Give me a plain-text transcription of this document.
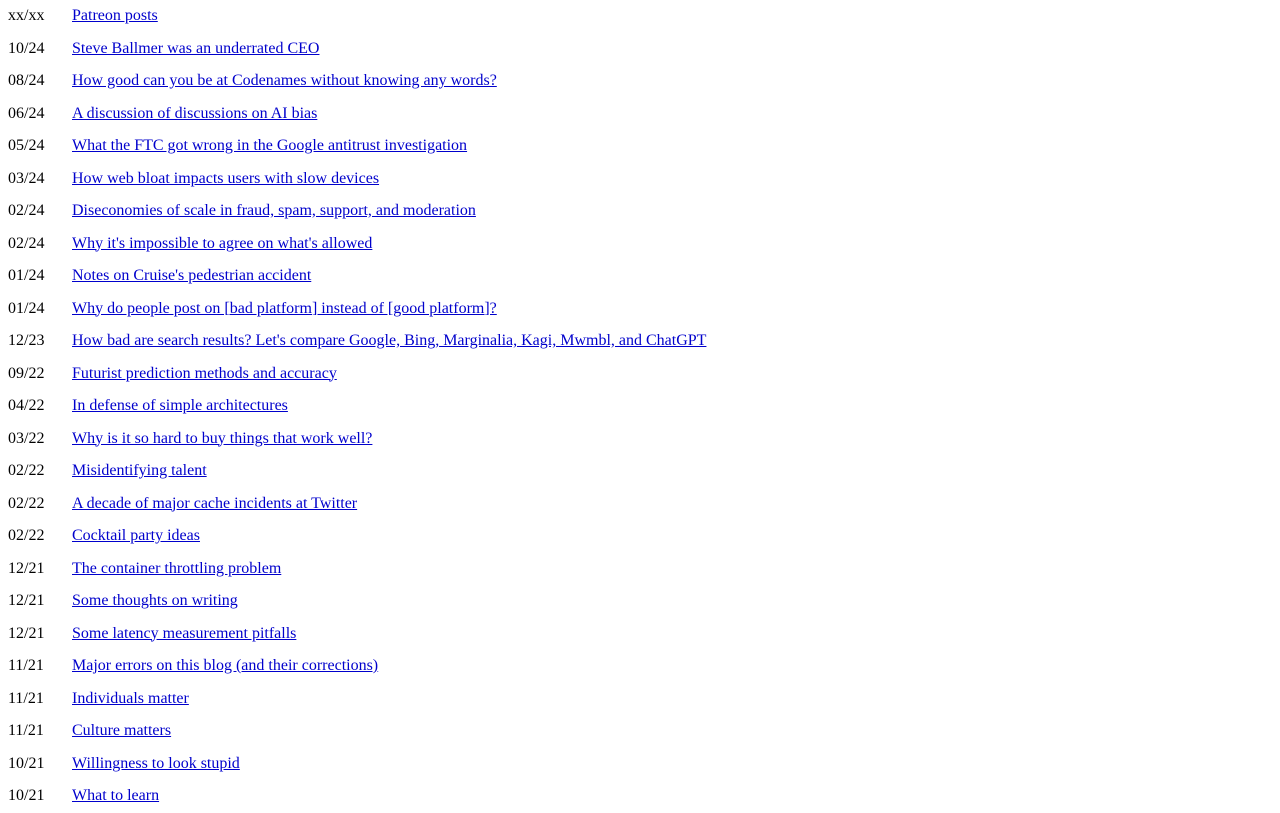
xx/xx	Patreon posts
10/24	Steve Ballmer was an underrated CEO
08/24	How good can you be at Codenames without knowing any words?
06/24	A discussion of discussions on AI bias
05/24	What the FTC got wrong in the Google antitrust investigation
03/24	How web bloat impacts users with slow devices
02/24	Diseconomies of scale in fraud, spam, support, and moderation
02/24	Why it's impossible to agree on what's allowed
01/24	Notes on Cruise's pedestrian accident
01/24	Why do people post on [bad platform] instead of [good platform]?
12/23	How bad are search results? Let's compare Google, Bing, Marginalia, Kagi, Mwmbl, and ChatGPT
09/22	Futurist prediction methods and accuracy
04/22	In defense of simple architectures
03/22	Why is it so hard to buy things that work well?
02/22	Misidentifying talent
02/22	A decade of major cache incidents at Twitter
02/22	Cocktail party ideas
12/21	The container throttling problem
12/21	Some thoughts on writing
12/21	Some latency measurement pitfalls
11/21	Major errors on this blog (and their corrections)
11/21	Individuals matter
11/21	Culture matters
10/21	Willingness to look stupid
10/21	What to learn
